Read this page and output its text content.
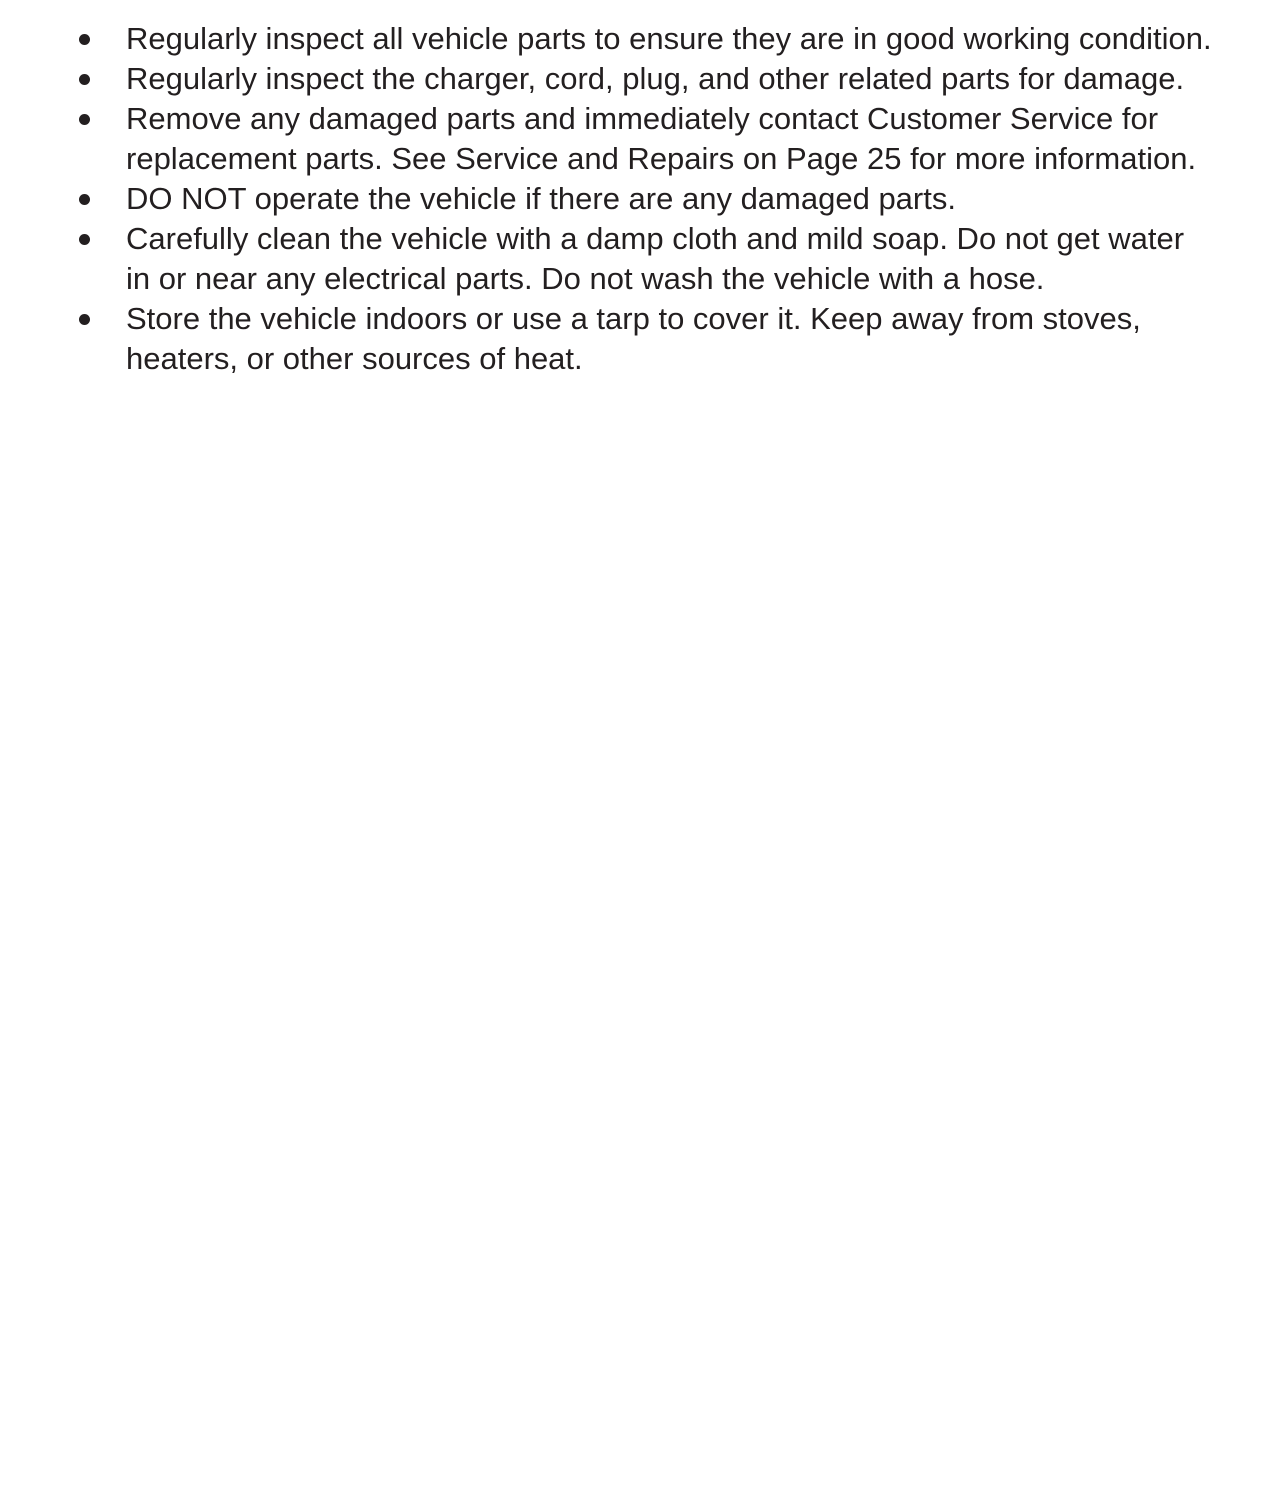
Regularly inspect all vehicle parts to ensure they are in good working condition.
Regularly inspect the charger, cord, plug, and other related parts for damage.
Remove any damaged parts and immediately contact Customer Service for replacement parts. See Service and Repairs on Page 25 for more information.
DO NOT operate the vehicle if there are any damaged parts.
Carefully clean the vehicle with a damp cloth and mild soap. Do not get water in or near any electrical parts. Do not wash the vehicle with a hose.
Store the vehicle indoors or use a tarp to cover it. Keep away from stoves, heaters, or other sources of heat.
